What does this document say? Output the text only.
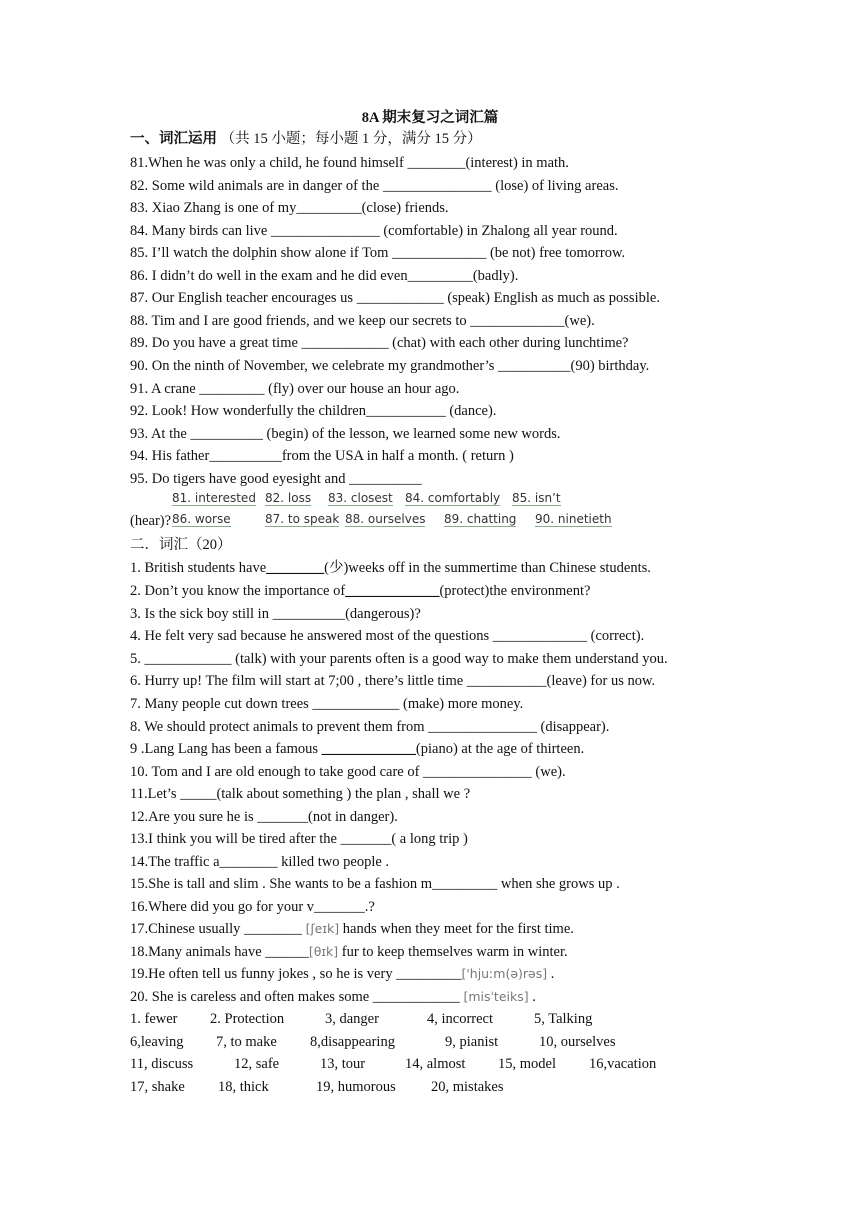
8A 期末复习之词汇篇
一、词汇运用 （共 15 小题；每小题 1 分，满分 15 分）
81.When he was only a child, he found himself ________(interest) in math.
82. Some wild animals are in danger of the _______________ (lose) of living areas.
83. Xiao Zhang is one of my_________(close) friends.
84. Many birds can live _______________ (comfortable) in Zhalong all year round.
85. I’ll watch the dolphin show alone if Tom _____________ (be not) free tomorrow.
86. I didn’t do well in the exam and he did even_________(badly).
87. Our English teacher encourages us ____________ (speak) English as much as possible.
88. Tim and I are good friends, and we keep our secrets to _____________(we).
89. Do you have a great time ____________ (chat) with each other during lunchtime?
90. On the ninth of November, we celebrate my grandmother’s __________(90) birthday.
91. A crane _________ (fly) over our house an hour ago.
92. Look! How wonderfully the children___________ (dance).
93. At the __________ (begin) of the lesson, we learned some new words.
94. His father__________from the USA in half a month. ( return )
95. Do tigers have good eyesight and __________
81. interested 82. loss 83. closest 84. comfortably 85. isn’t
(hear)? 86. worse	87. to speak 88. ourselves 89. chatting 90. ninetieth
二．词汇（20）
1. British students have________(少)weeks off in the summertime than Chinese students.
2. Don’t you know the importance of_____________(protect)the environment?
3. Is the sick boy still in __________(dangerous)?
4. He felt very sad because he answered most of the questions _____________ (correct).
5. ____________ (talk) with your parents often is a good way to make them understand you.
6. Hurry up! The film will start at 7;00 , there’s little time ___________(leave) for us now.
7. Many people cut down trees ____________ (make) more money.
8. We should protect animals to prevent them from _______________ (disappear).
9 .Lang Lang has been a famous _____________(piano) at the age of thirteen.
10. Tom and I are old enough to take good care of _______________ (we).
11.Let’s _____(talk about something ) the plan , shall we ?
12.Are you sure he is _______(not in danger).
13.I think you will be tired after the _______( a long trip )
14.The traffic a________ killed two people .
15.She is tall and slim . She wants to be a fashion m_________ when she grows up .
16.Where did you go for your v_______.?
17.Chinese usually ________ [ʃeɪk] hands when they meet for the first time.
18.Many animals have ______[θɪk] fur to keep themselves warm in winter.
19.He often tell us funny jokes , so he is very _________['hjuːm(ə)rəs] .
20. She is careless and often makes some ____________ [misˈteiks] .
1. fewer 2. Protection	3, danger	4, incorrect	5, Talking
6,leaving 7, to make 8,disappearing	9, pianist	10, ourselves
11, discuss	12, safe	13, tour	14, almost 15, model 16,vacation
17, shake 18, thick	19, humorous 20, mistakes
